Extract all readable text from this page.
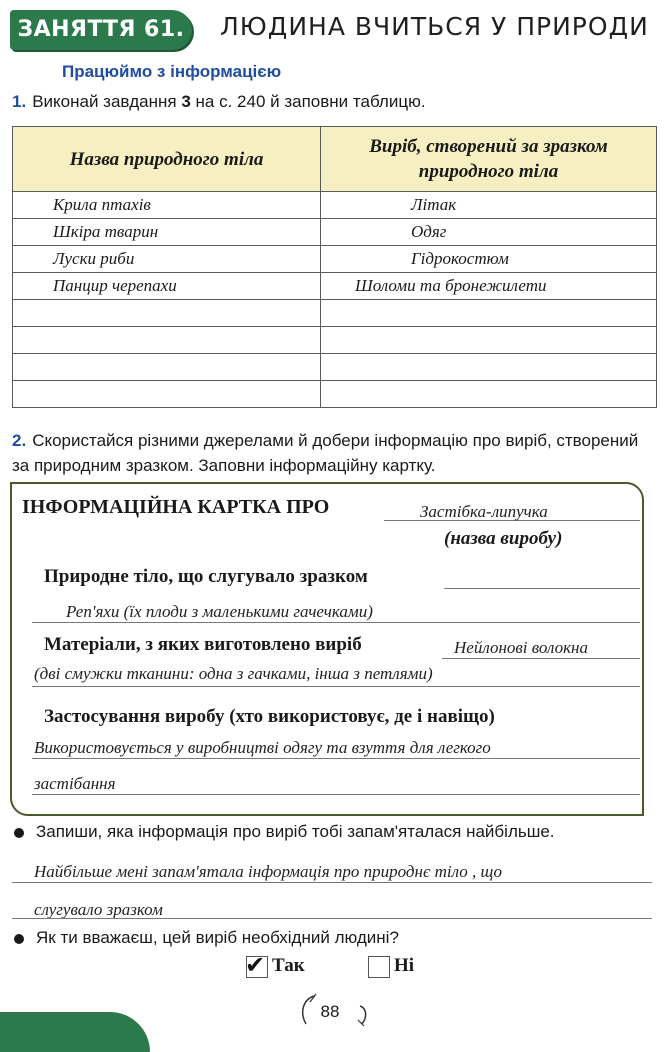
ЗАНЯТТЯ 61. ЛЮДИНА ВЧИТЬСЯ У ПРИРОДИ
Працюймо з інформацією
1. Виконай завдання 3 на с. 240 й заповни таблицю.
Назва природного тіла	Виріб, створений за зразком природного тіла
Крила птахів	Літак
Шкіра тварин	Одяг
Луски риби	Гідрокостюм
Панцир черепахи	Шоломи та бронежилети

2. Скористайся різними джерелами й добери інформацію про виріб, створений за природним зразком. Заповни інформаційну картку.
ІНФОРМАЦІЙНА КАРТКА ПРО	Застібка-липучка
(назва виробу)
Природне тіло, що слугувало зразком
Реп'яхи (їх плоди з маленькими гачечками)
Матеріали, з яких виготовлено виріб	Нейлонові волокна
(дві смужки тканини: одна з гачками, інша з петлями)
Застосування виробу (хто використовує, де і навіщо)
Використовується у виробництві одягу та взуття для легкого
застібання
Запиши, яка інформація про виріб тобі запам'яталася найбільше.
Найбільше мені запам'ятала інформація про природнє тіло , що
слугувало зразком
Як ти вважаєш, цей виріб необхідний людині?
✔ Так	Ні
88
